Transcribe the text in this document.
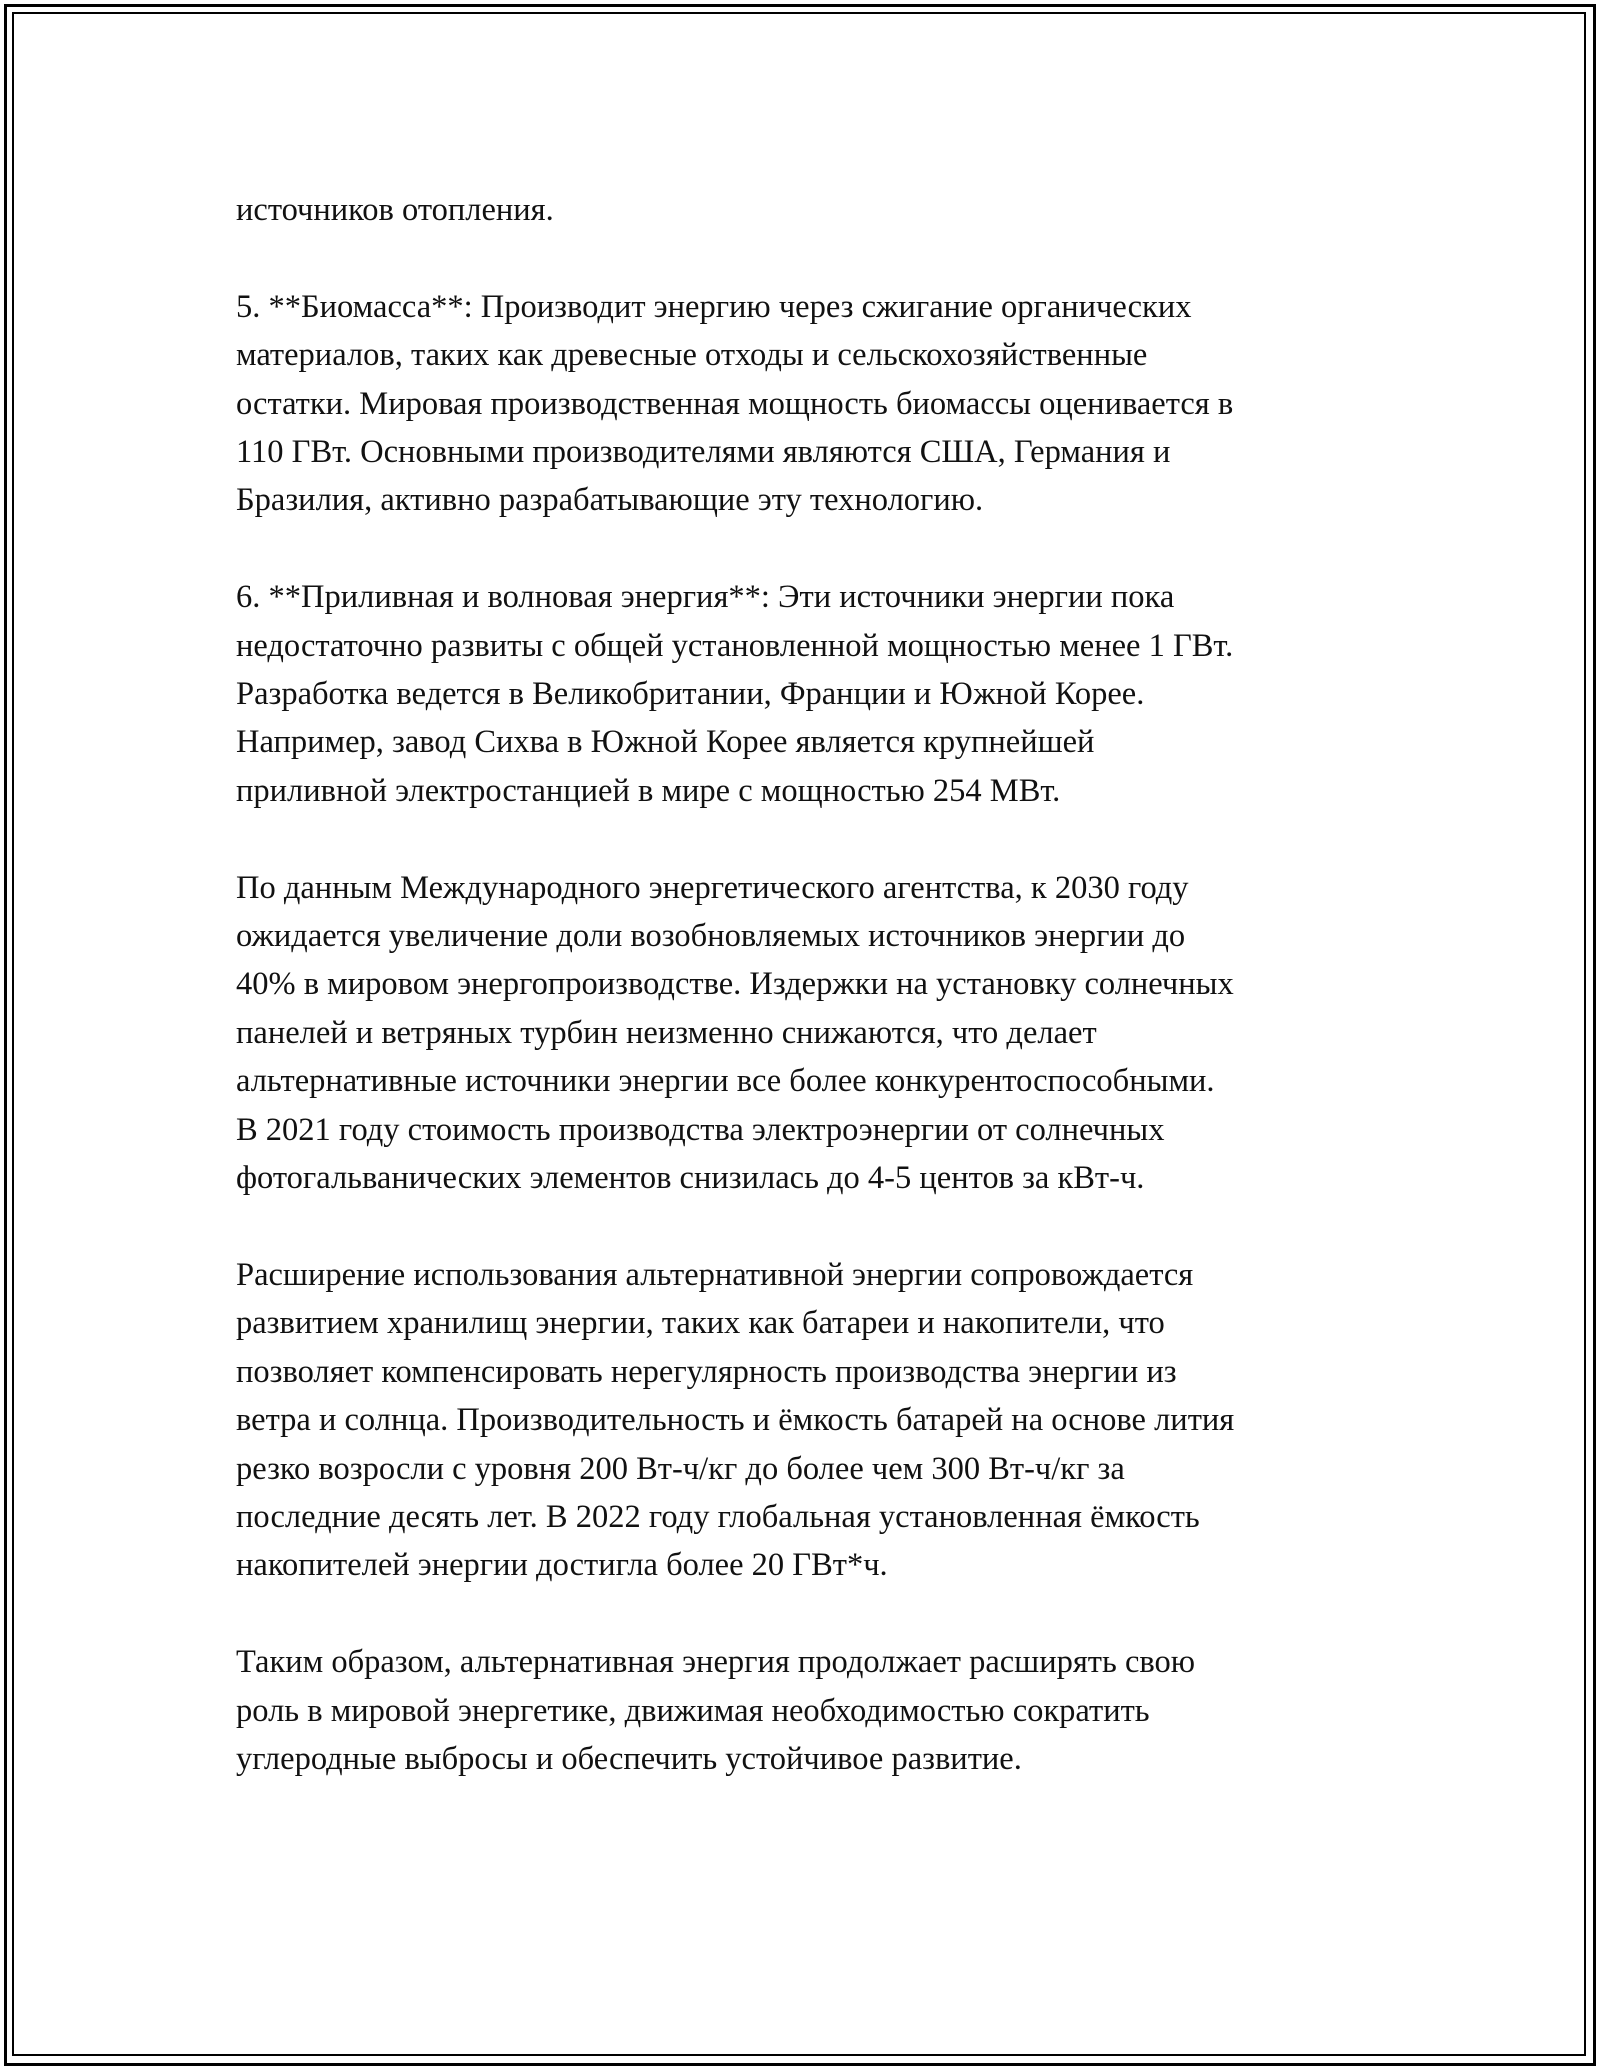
источников отопления.

5. **Биомасса**: Производит энергию через сжигание органических
материалов, таких как древесные отходы и сельскохозяйственные
остатки. Мировая производственная мощность биомассы оценивается в
110 ГВт. Основными производителями являются США, Германия и
Бразилия, активно разрабатывающие эту технологию.

6. **Приливная и волновая энергия**: Эти источники энергии пока
недостаточно развиты с общей установленной мощностью менее 1 ГВт.
Разработка ведется в Великобритании, Франции и Южной Корее.
Например, завод Сихва в Южной Корее является крупнейшей
приливной электростанцией в мире с мощностью 254 МВт.

По данным Международного энергетического агентства, к 2030 году
ожидается увеличение доли возобновляемых источников энергии до
40% в мировом энергопроизводстве. Издержки на установку солнечных
панелей и ветряных турбин неизменно снижаются, что делает
альтернативные источники энергии все более конкурентоспособными.
В 2021 году стоимость производства электроэнергии от солнечных
фотогальванических элементов снизилась до 4-5 центов за кВт-ч.

Расширение использования альтернативной энергии сопровождается
развитием хранилищ энергии, таких как батареи и накопители, что
позволяет компенсировать нерегулярность производства энергии из
ветра и солнца. Производительность и ёмкость батарей на основе лития
резко возросли с уровня 200 Вт-ч/кг до более чем 300 Вт-ч/кг за
последние десять лет. В 2022 году глобальная установленная ёмкость
накопителей энергии достигла более 20 ГВт*ч.

Таким образом, альтернативная энергия продолжает расширять свою
роль в мировой энергетике, движимая необходимостью сократить
углеродные выбросы и обеспечить устойчивое развитие.
